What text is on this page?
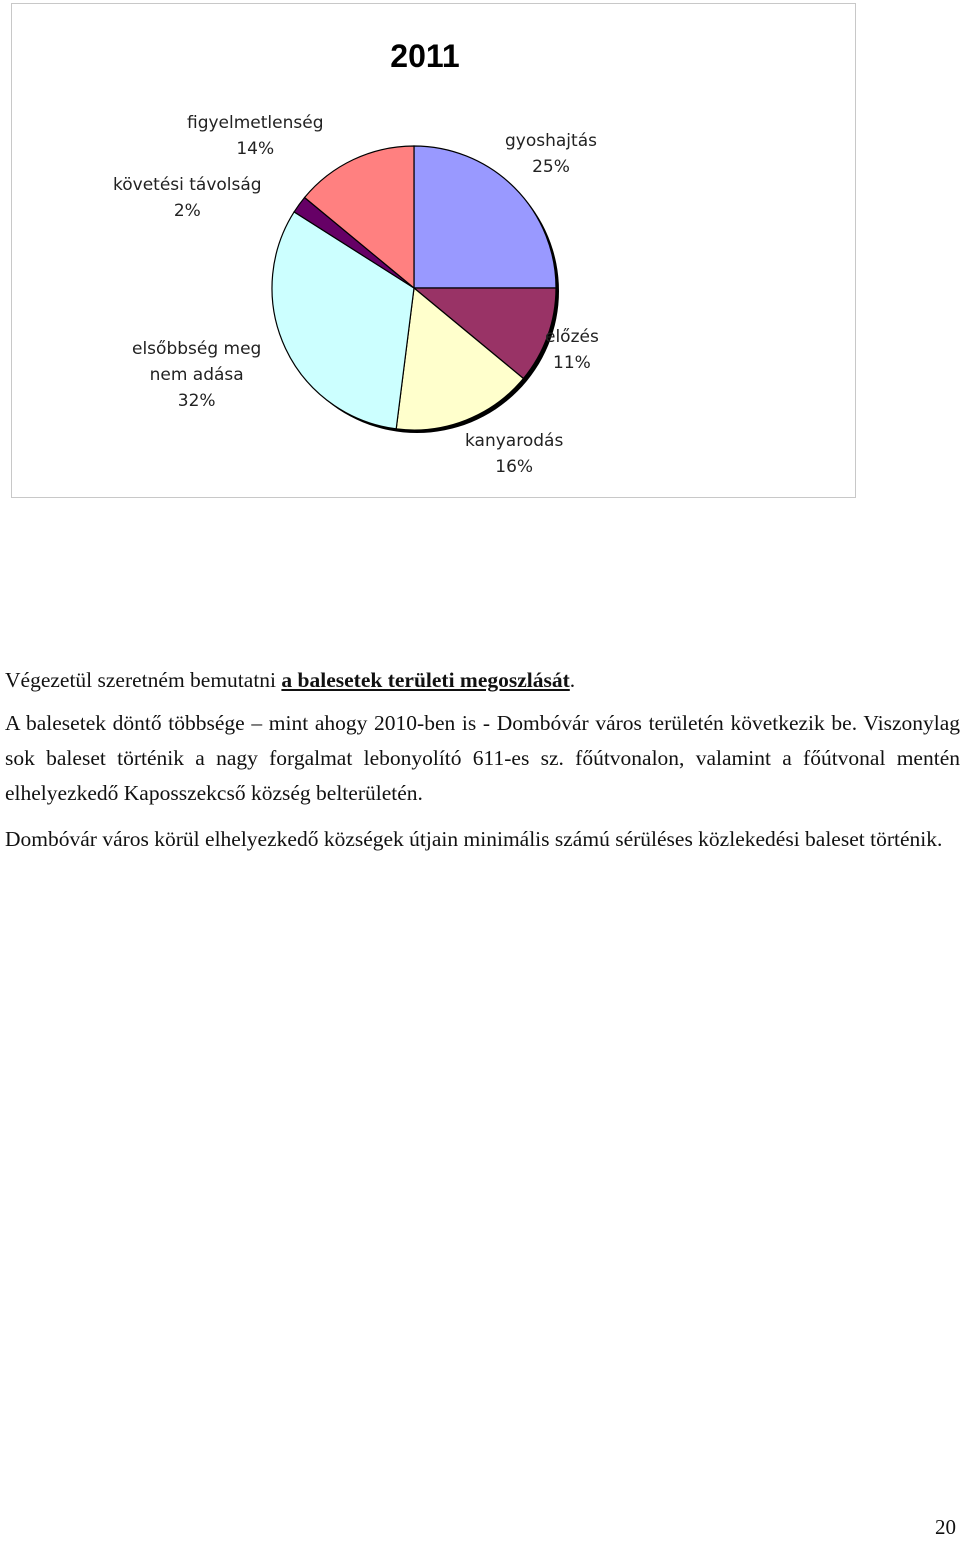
2011
gyoshajtás
25%
előzés
11%
kanyarodás
16%
elsőbbség meg
nem adása
32%
követési távolság
2%
figyelmetlenség
14%

Végezetül szeretném bemutatni a balesetek területi megoszlását.

A balesetek döntő többsége – mint ahogy 2010-ben is - Dombóvár város területén következik be. Viszonylag sok baleset történik a nagy forgalmat lebonyolító 611-es sz. főútvonalon, valamint a főútvonal mentén elhelyezkedő Kaposszekcső község belterületén.

Dombóvár város körül elhelyezkedő községek útjain minimális számú sérüléses közlekedési baleset történik.

20
